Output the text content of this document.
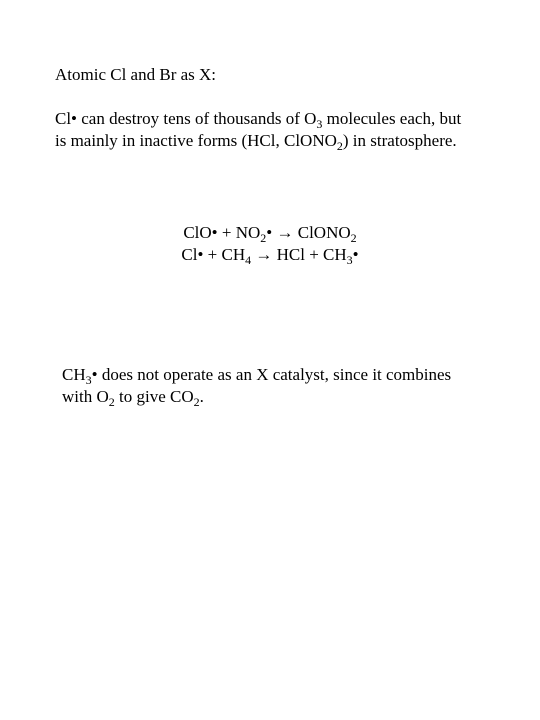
Atomic Cl and Br as X:

Cl• can destroy tens of thousands of $O_3$ molecules each, but
is mainly in inactive forms (HCl, ClONO$_2$) in stratosphere.

ClO• + $NO_2•$ → ClONO$_2$
Cl• + $CH_4$ → HCl + $CH_3•$

$CH_3•$ does not operate as an X catalyst, since it combines
with $O_2$ to give $CO_2$.
